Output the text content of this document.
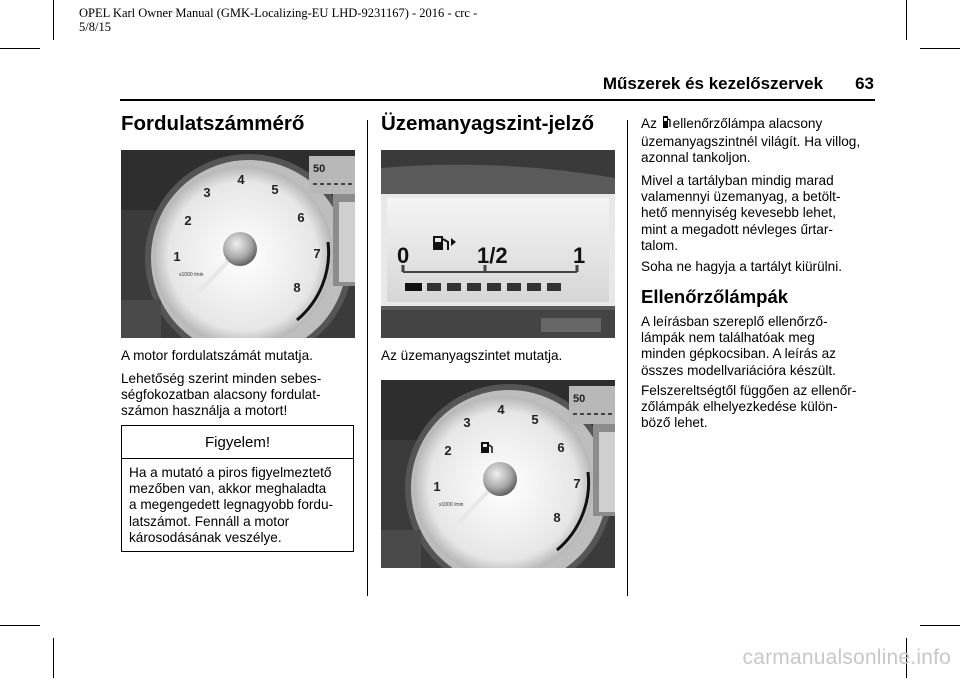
OPEL Karl Owner Manual (GMK-Localizing-EU LHD-9231167) - 2016 - crc -
5/8/15
Műszerek és kezelőszervek 63
Fordulatszámmérő
1
2
3
4
5
6
7
8
x1000 /min
50
A motor fordulatszámát mutatja.
Lehetőség szerint minden sebes-
ségfokozatban alacsony fordulat-
számon használja a motort!
Figyelem!
Ha a mutató a piros figyelmeztető
mezőben van, akkor meghaladta
a megengedett legnagyobb fordu-
latszámot. Fennáll a motor
károsodásának veszélye.
Üzemanyagszint-jelző
0	1/2	1
Az üzemanyagszintet mutatja.
1
2
3
4
5
6
7
8
x1000 /min
50
Az ellenőrzőlámpa alacsony
üzemanyagszintnél világít. Ha villog,
azonnal tankoljon.
Mivel a tartályban mindig marad
valamennyi üzemanyag, a betölt-
hető mennyiség kevesebb lehet,
mint a megadott névleges űrtar-
talom.
Soha ne hagyja a tartályt kiürülni.
Ellenőrzőlámpák
A leírásban szereplő ellenőrző-
lámpák nem találhatóak meg
minden gépkocsiban. A leírás az
összes modellvariációra készült.
Felszereltségtől függően az ellenőr-
zőlámpák elhelyezkedése külön-
böző lehet.
carmanualsonline.info
